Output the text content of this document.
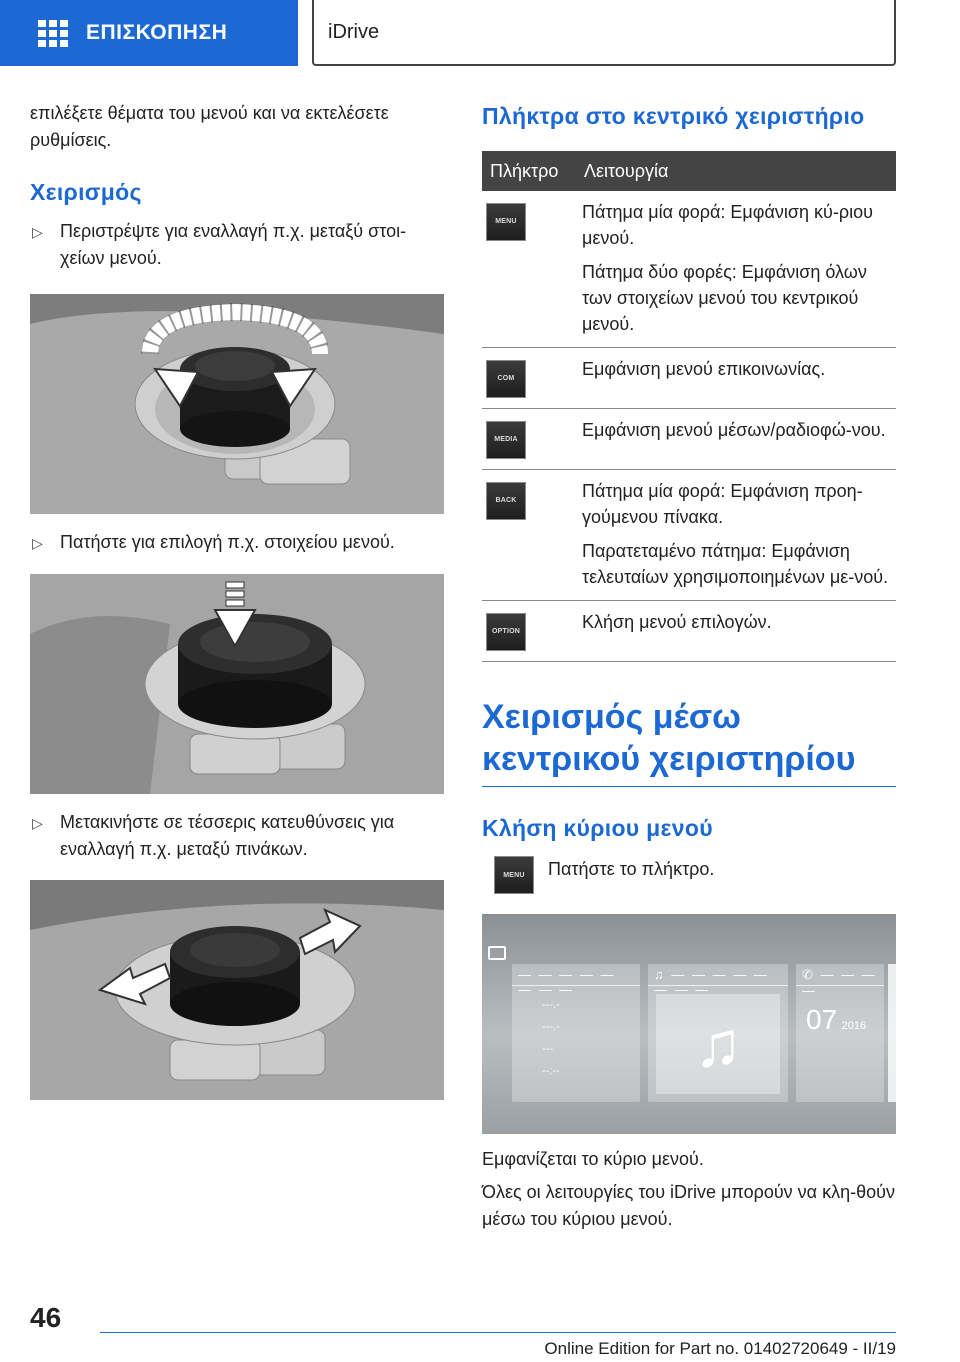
ΕΠΙΣΚΟΠΗΣΗ	iDrive

επιλέξετε θέματα του μενού και να εκτελέσετε ρυθμίσεις.

Χειρισμός
▷ Περιστρέψτε για εναλλαγή π.χ. μεταξύ στοι-χείων μενού.
▷ Πατήστε για επιλογή π.χ. στοιχείου μενού.
▷ Μετακινήστε σε τέσσερις κατευθύνσεις για εναλλαγή π.χ. μεταξύ πινάκων.
Πλήκτρα στο κεντρικό χειριστήριο
Πλήκτρο	Λειτουργία

MENU	Πάτημα μία φορά: Εμφάνιση κύ-ριου μενού.

Πάτημα δύο φορές: Εμφάνιση όλων των στοιχείων μενού του κεντρικού μενού.

COM	Εμφάνιση μενού επικοινωνίας.

MEDIA	Εμφάνιση μενού μέσων/ραδιοφώ-νου.

BACK	Πάτημα μία φορά: Εμφάνιση προη-γούμενου πίνακα.

Παρατεταμένο πάτημα: Εμφάνιση τελευταίων χρησιμοποιημένων με-νού.

OPTION	Κλήση μενού επιλογών.

Χειρισμός μέσω κεντρικού χειριστηρίου
Κλήση κύριου μενού
MENU	Πατήστε το πλήκτρο.

— — — — — — — —
---.-
---.-
---
--:--
♫ — — — — — — — —
♫
✆ — — — —
07 2016

Εμφανίζεται το κύριο μενού.

Όλες οι λειτουργίες του iDrive μπορούν να κλη-θούν μέσω του κύριου μενού.

46
Online Edition for Part no. 01402720649 - II/19
